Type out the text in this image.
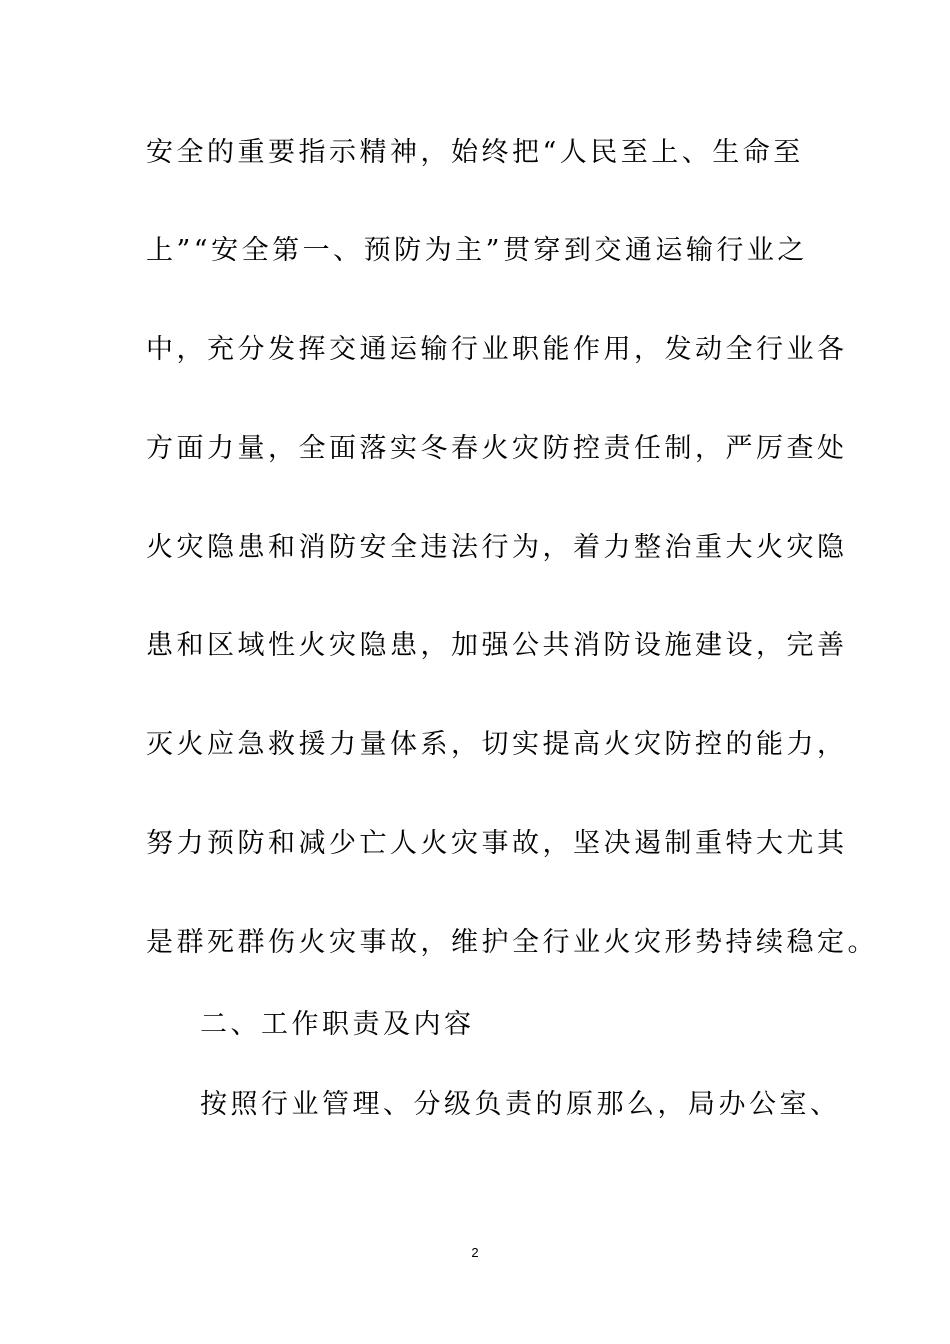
安全的重要指示精神，始终把“人民至上、生命至
上”“安全第一、预防为主”贯穿到交通运输行业之
中，充分发挥交通运输行业职能作用，发动全行业各
方面力量，全面落实冬春火灾防控责任制，严厉查处
火灾隐患和消防安全违法行为，着力整治重大火灾隐
患和区域性火灾隐患，加强公共消防设施建设，完善
灭火应急救援力量体系，切实提高火灾防控的能力，
努力预防和减少亡人火灾事故，坚决遏制重特大尤其
是群死群伤火灾事故，维护全行业火灾形势持续稳定。
二、工作职责及内容
按照行业管理、分级负责的原那么，局办公室、
2
